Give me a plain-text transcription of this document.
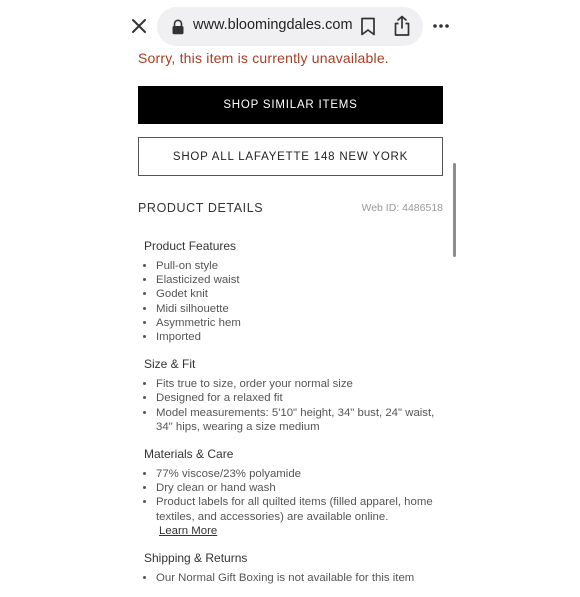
www.bloomingdales.com
Sorry, this item is currently unavailable.
SHOP SIMILAR ITEMS
SHOP ALL LAFAYETTE 148 NEW YORK
PRODUCT DETAILS	Web ID: 4486518

Product Features

• Pull-on style
• Elasticized waist
• Godet knit
• Midi silhouette
• Asymmetric hem
• Imported

Size & Fit

• Fits true to size, order your normal size
• Designed for a relaxed fit
• Model measurements: 5'10" height, 34" bust, 24" waist, 34" hips, wearing a size medium

Materials & Care

• 77% viscose/23% polyamide
• Dry clean or hand wash
• Product labels for all quilted items (filled apparel, home textiles, and accessories) are available online.
Learn More

Shipping & Returns

• Our Normal Gift Boxing is not available for this item
